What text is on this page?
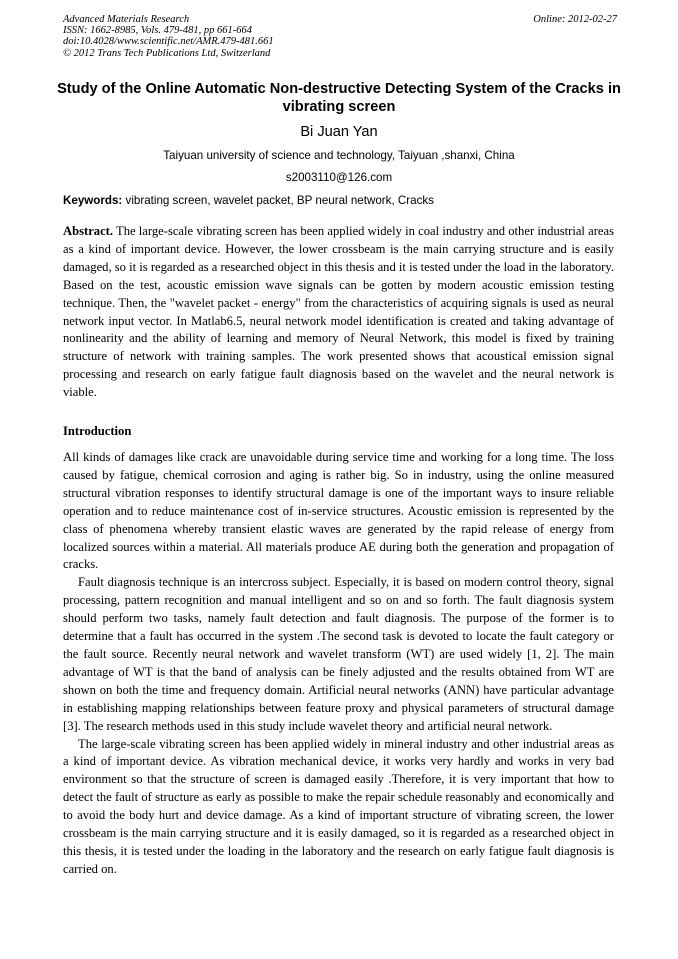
Advanced Materials Research
ISSN: 1662-8985, Vols. 479-481, pp 661-664
doi:10.4028/www.scientific.net/AMR.479-481.661
© 2012 Trans Tech Publications Ltd, Switzerland
Online: 2012-02-27
Study of the Online Automatic Non-destructive Detecting System of the Cracks in vibrating screen
Bi Juan Yan
Taiyuan university of science and technology, Taiyuan ,shanxi, China
s2003110@126.com
Keywords: vibrating screen, wavelet packet, BP neural network, Cracks
Abstract. The large-scale vibrating screen has been applied widely in coal industry and other industrial areas as a kind of important device. However, the lower crossbeam is the main carrying structure and is easily damaged, so it is regarded as a researched object in this thesis and it is tested under the load in the laboratory. Based on the test, acoustic emission wave signals can be gotten by modern acoustic emission testing technique. Then, the "wavelet packet - energy" from the characteristics of acquiring signals is used as neural network input vector. In Matlab6.5, neural network model identification is created and taking advantage of nonlinearity and the ability of learning and memory of Neural Network, this model is fixed by training structure of network with training samples. The work presented shows that acoustical emission signal processing and research on early fatigue fault diagnosis based on the wavelet and the neural network is viable.
Introduction

All kinds of damages like crack are unavoidable during service time and working for a long time. The loss caused by fatigue, chemical corrosion and aging is rather big. So in industry, using the online measured structural vibration responses to identify structural damage is one of the important ways to insure reliable operation and to reduce maintenance cost of in-service structures. Acoustic emission is represented by the class of phenomena whereby transient elastic waves are generated by the rapid release of energy from localized sources within a material. All materials produce AE during both the generation and propagation of cracks.

Fault diagnosis technique is an intercross subject. Especially, it is based on modern control theory, signal processing, pattern recognition and manual intelligent and so on and so forth. The fault diagnosis system should perform two tasks, namely fault detection and fault diagnosis. The purpose of the former is to determine that a fault has occurred in the system .The second task is devoted to locate the fault category or the fault source. Recently neural network and wavelet transform (WT) are used widely [1, 2]. The main advantage of WT is that the band of analysis can be finely adjusted and the results obtained from WT are shown on both the time and frequency domain. Artificial neural networks (ANN) have particular advantage in establishing mapping relationships between feature proxy and physical parameters of structural damage [3]. The research methods used in this study include wavelet theory and artificial neural network.

The large-scale vibrating screen has been applied widely in mineral industry and other industrial areas as a kind of important device. As vibration mechanical device, it works very hardly and works in very bad environment so that the structure of screen is damaged easily .Therefore, it is very important that how to detect the fault of structure as early as possible to make the repair schedule reasonably and economically and to avoid the body hurt and device damage. As a kind of important structure of vibrating screen, the lower crossbeam is the main carrying structure and it is easily damaged, so it is regarded as a researched object in this thesis, it is tested under the loading in the laboratory and the research on early fatigue fault diagnosis is carried on.
